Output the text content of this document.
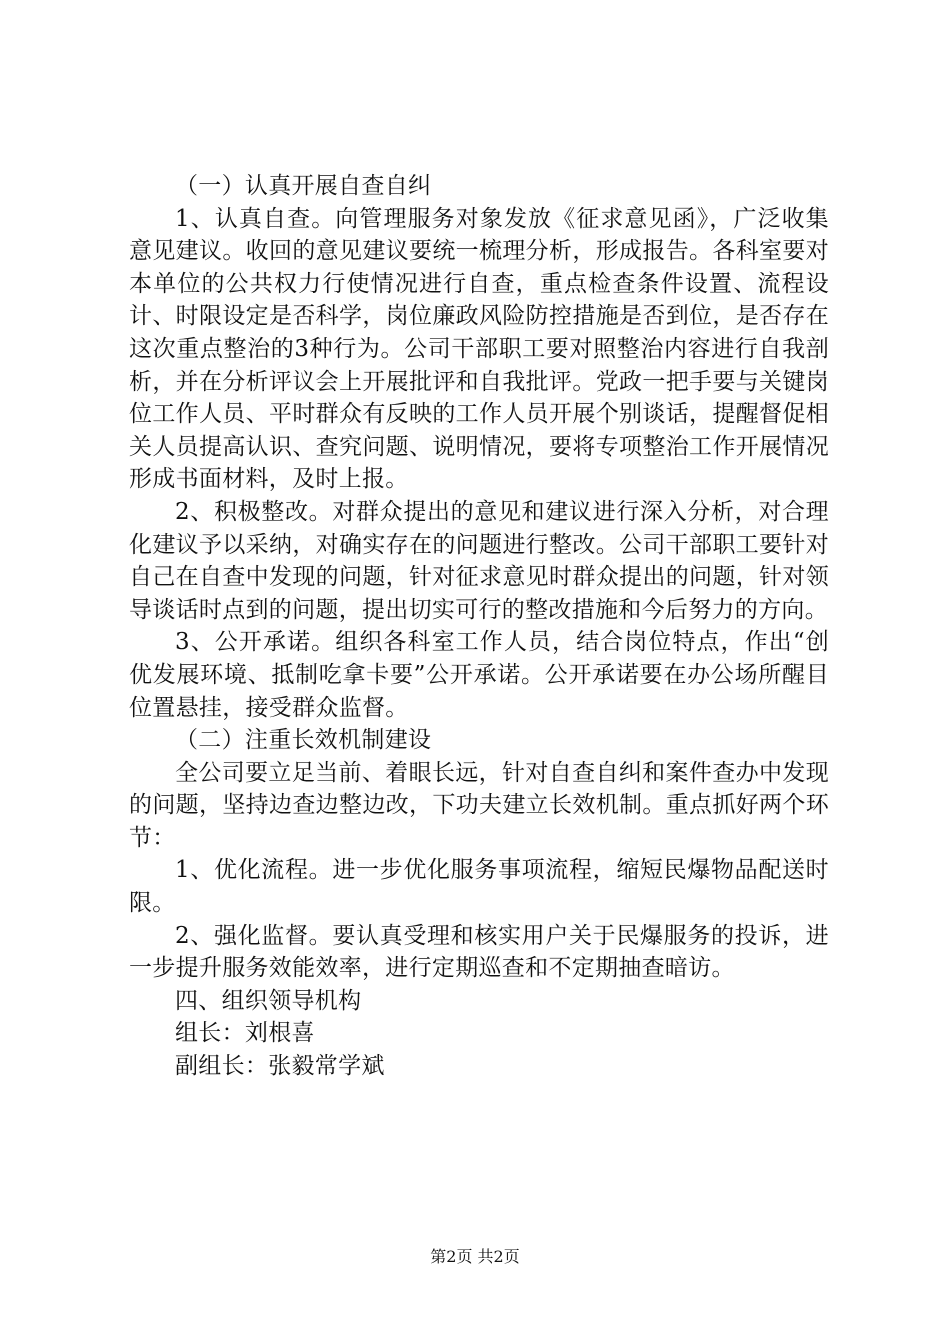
（一）认真开展自查自纠

1、认真自查。向管理服务对象发放《征求意见函》，广泛收集意见建议。收回的意见建议要统一梳理分析，形成报告。各科室要对本单位的公共权力行使情况进行自查，重点检查条件设置、流程设计、时限设定是否科学，岗位廉政风险防控措施是否到位，是否存在这次重点整治的3种行为。公司干部职工要对照整治内容进行自我剖析，并在分析评议会上开展批评和自我批评。党政一把手要与关键岗位工作人员、平时群众有反映的工作人员开展个别谈话，提醒督促相关人员提高认识、查究问题、说明情况，要将专项整治工作开展情况形成书面材料，及时上报。

2、积极整改。对群众提出的意见和建议进行深入分析，对合理化建议予以采纳，对确实存在的问题进行整改。公司干部职工要针对自己在自查中发现的问题，针对征求意见时群众提出的问题，针对领导谈话时点到的问题，提出切实可行的整改措施和今后努力的方向。

3、公开承诺。组织各科室工作人员，结合岗位特点，作出“创优发展环境、抵制吃拿卡要”公开承诺。公开承诺要在办公场所醒目位置悬挂，接受群众监督。

（二）注重长效机制建设

全公司要立足当前、着眼长远，针对自查自纠和案件查办中发现的问题，坚持边查边整边改，下功夫建立长效机制。重点抓好两个环节：

1、优化流程。进一步优化服务事项流程，缩短民爆物品配送时限。

2、强化监督。要认真受理和核实用户关于民爆服务的投诉，进一步提升服务效能效率，进行定期巡查和不定期抽查暗访。

四、组织领导机构

组长：刘根喜

副组长：张毅常学斌

第2页 共2页
